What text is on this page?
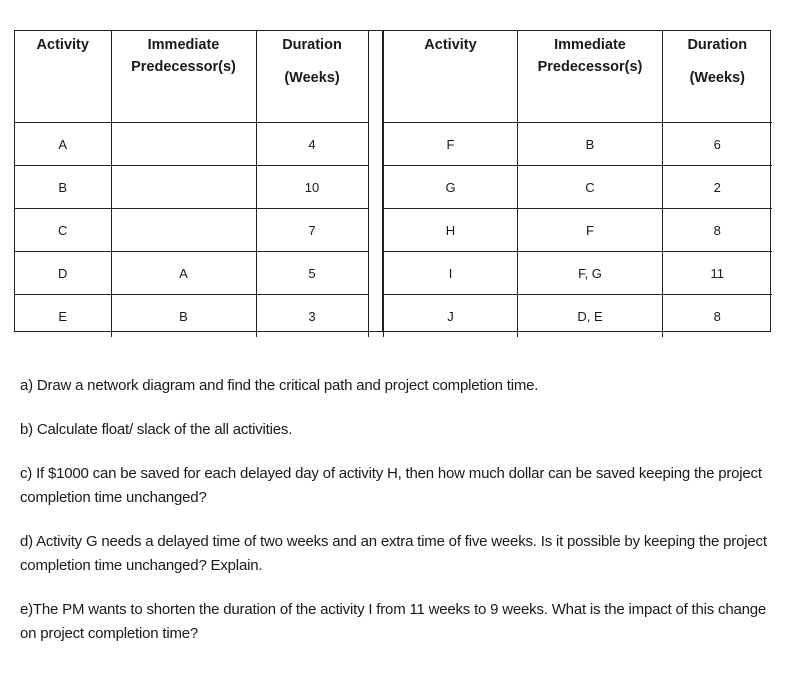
Activity	Immediate
Predecessor(s)	Duration
(Weeks)

A		4
B		10
C		7
D	A	5
E	B	3
Activity	Immediate
Predecessor(s)	Duration
(Weeks)

F	B	6
G	C	2
H	F	8
I	F, G	11
J	D, E	8

a) Draw a network diagram and find the critical path and project completion time.

b) Calculate float/ slack of the all activities.

c) If $1000 can be saved for each delayed day of activity H, then how much dollar can be saved keeping the project completion time unchanged?

d) Activity G needs a delayed time of two weeks and an extra time of five weeks. Is it possible by keeping the project completion time unchanged? Explain.

e)The PM wants to shorten the duration of the activity I from 11 weeks to 9 weeks. What is the impact of this change on project completion time?
